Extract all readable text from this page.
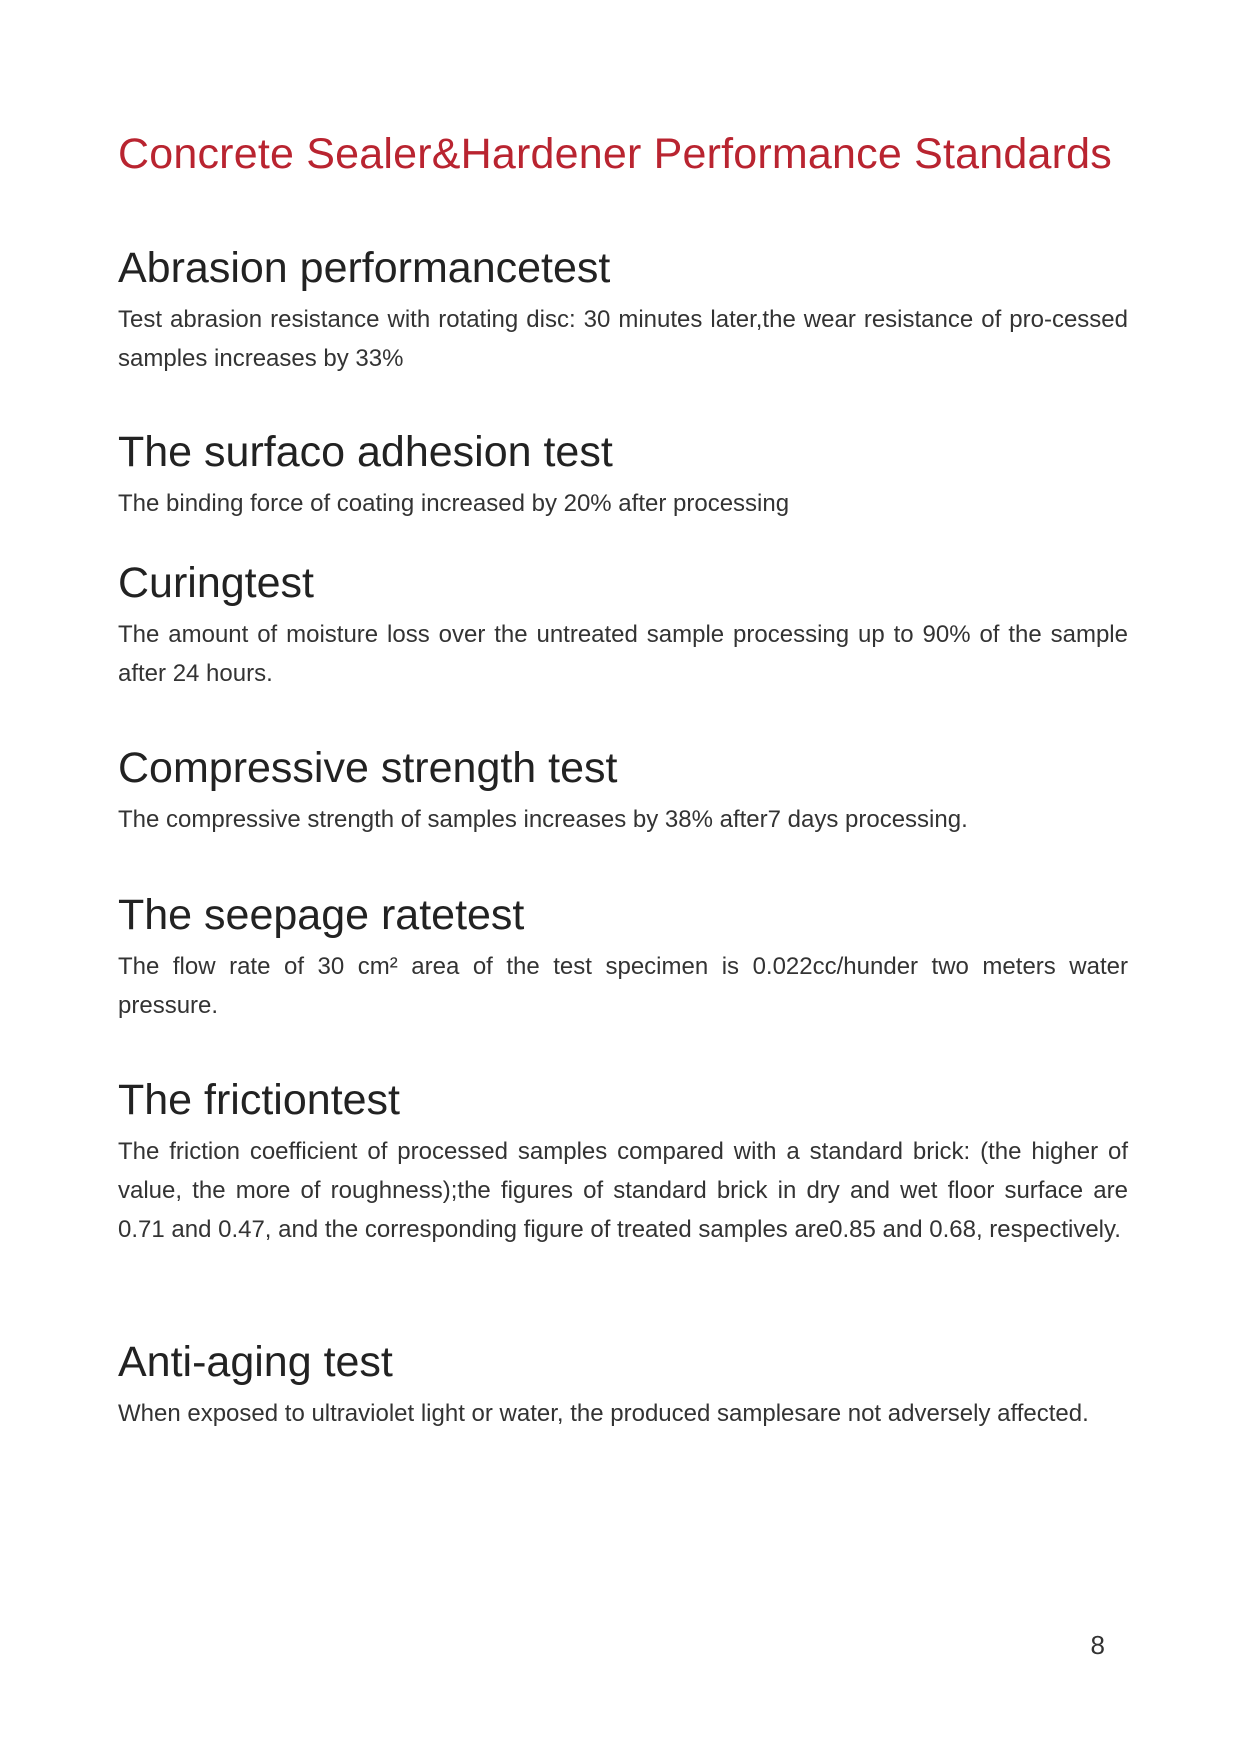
Concrete Sealer&Hardener Performance Standards
Abrasion performancetest

Test abrasion resistance with rotating disc: 30 minutes later,the wear resistance of pro-cessed samples increases by 33%

The surfaco adhesion test

The binding force of coating increased by 20% after processing

Curingtest

The amount of moisture loss over the untreated sample processing up to 90% of the sample after 24 hours.

Compressive strength test

The compressive strength of samples increases by 38% after7 days processing.

The seepage ratetest

The flow rate of 30 cm² area of the test specimen is 0.022cc/hunder two meters water pressure.

The frictiontest

The friction coefficient of processed samples compared with a standard brick: (the higher of value, the more of roughness);the figures of standard brick in dry and wet floor surface are 0.71 and 0.47, and the corresponding figure of treated samples are0.85 and 0.68, respectively.

Anti-aging test

When exposed to ultraviolet light or water, the produced samplesare not adversely affected.

8
